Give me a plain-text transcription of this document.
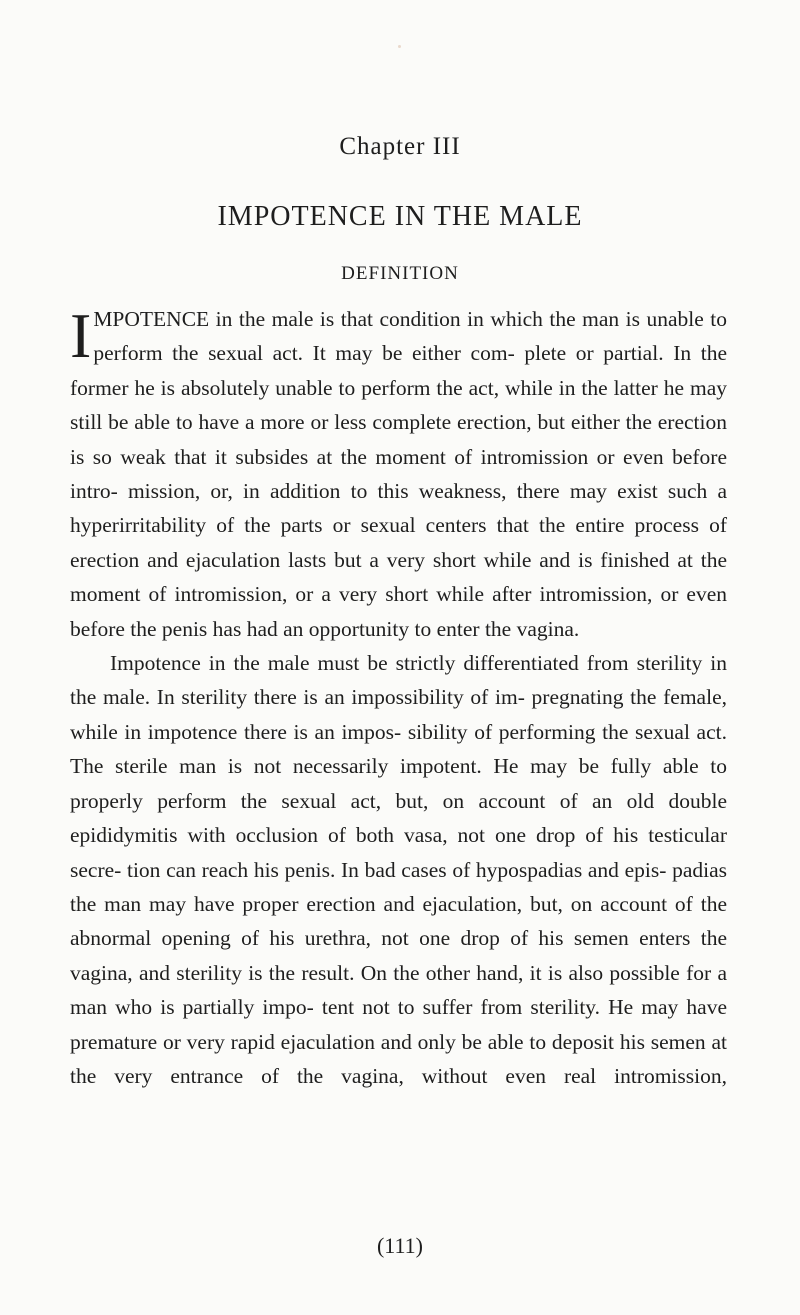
Chapter III
IMPOTENCE IN THE MALE
DEFINITION

IMPOTENCE in the male is that condition in which the man is unable to perform the sexual act. It may be either com- plete or partial. In the former he is absolutely unable to perform the act, while in the latter he may still be able to have a more or less complete erection, but either the erection is so weak that it subsides at the moment of intromission or even before intro- mission, or, in addition to this weakness, there may exist such a hyperirritability of the parts or sexual centers that the entire process of erection and ejaculation lasts but a very short while and is finished at the moment of intromission, or a very short while after intromission, or even before the penis has had an opportunity to enter the vagina.

Impotence in the male must be strictly differentiated from sterility in the male. In sterility there is an impossibility of im- pregnating the female, while in impotence there is an impos- sibility of performing the sexual act. The sterile man is not necessarily impotent. He may be fully able to properly perform the sexual act, but, on account of an old double epididymitis with occlusion of both vasa, not one drop of his testicular secre- tion can reach his penis. In bad cases of hypospadias and epis- padias the man may have proper erection and ejaculation, but, on account of the abnormal opening of his urethra, not one drop of his semen enters the vagina, and sterility is the result. On the other hand, it is also possible for a man who is partially impo- tent not to suffer from sterility. He may have premature or very rapid ejaculation and only be able to deposit his semen at the very entrance of the vagina, without even real intromission,

(111)
